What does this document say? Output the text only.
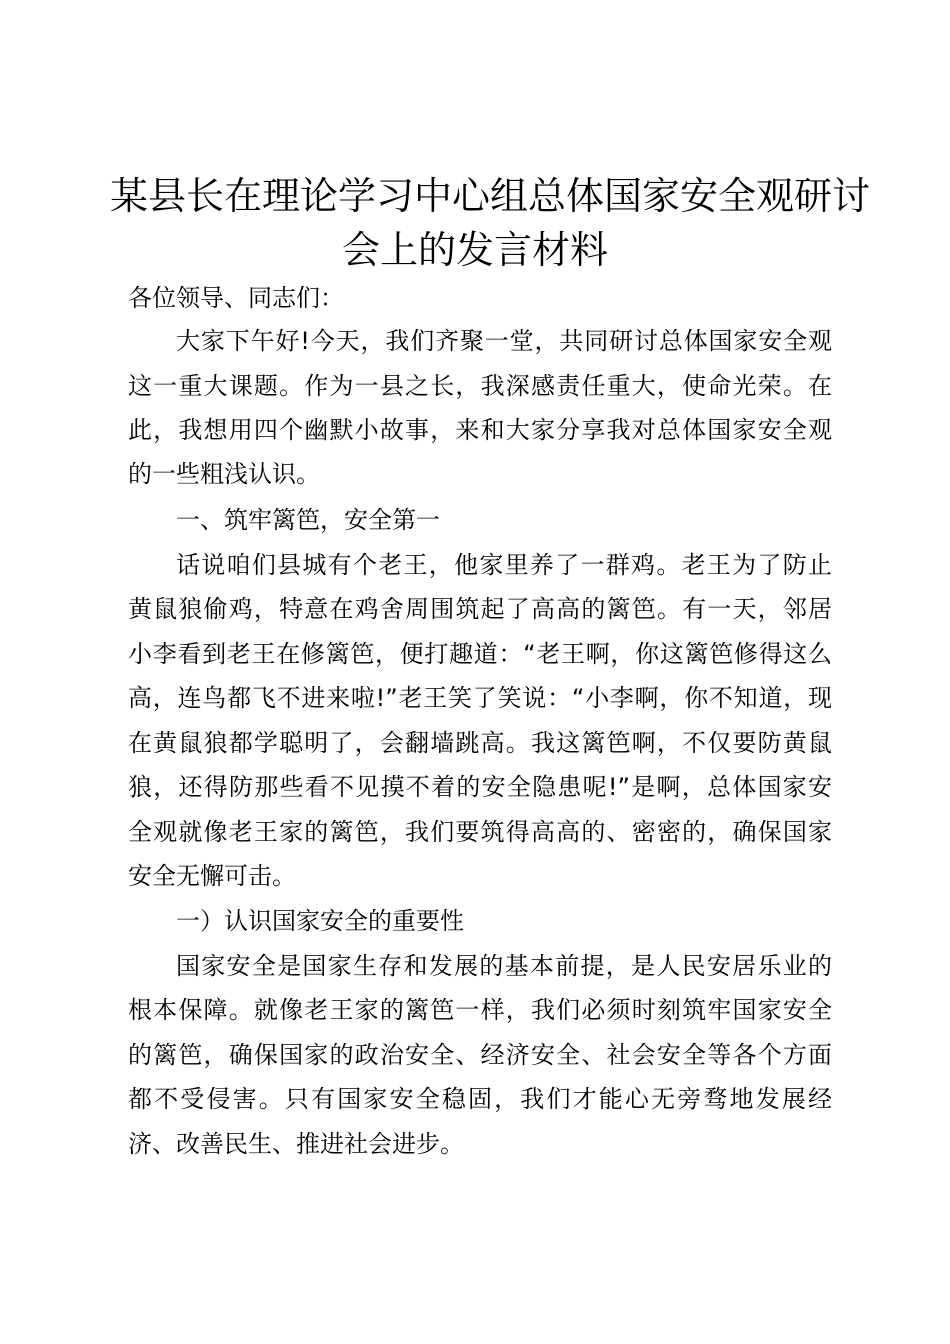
某县长在理论学习中心组总体国家安全观研讨
会上的发言材料

各位领导、同志们：

大家下午好!今天，我们齐聚一堂，共同研讨总体国家安全观

这一重大课题。作为一县之长，我深感责任重大，使命光荣。在

此，我想用四个幽默小故事，来和大家分享我对总体国家安全观

的一些粗浅认识。

一、筑牢篱笆，安全第一

话说咱们县城有个老王，他家里养了一群鸡。老王为了防止

黄鼠狼偷鸡，特意在鸡舍周围筑起了高高的篱笆。有一天，邻居

小李看到老王在修篱笆，便打趣道：“老王啊，你这篱笆修得这么

高，连鸟都飞不进来啦!”老王笑了笑说：“小李啊，你不知道，现

在黄鼠狼都学聪明了，会翻墙跳高。我这篱笆啊，不仅要防黄鼠

狼，还得防那些看不见摸不着的安全隐患呢!”是啊，总体国家安

全观就像老王家的篱笆，我们要筑得高高的、密密的，确保国家

安全无懈可击。

一）认识国家安全的重要性

国家安全是国家生存和发展的基本前提，是人民安居乐业的

根本保障。就像老王家的篱笆一样，我们必须时刻筑牢国家安全

的篱笆，确保国家的政治安全、经济安全、社会安全等各个方面

都不受侵害。只有国家安全稳固，我们才能心无旁骛地发展经

济、改善民生、推进社会进步。
